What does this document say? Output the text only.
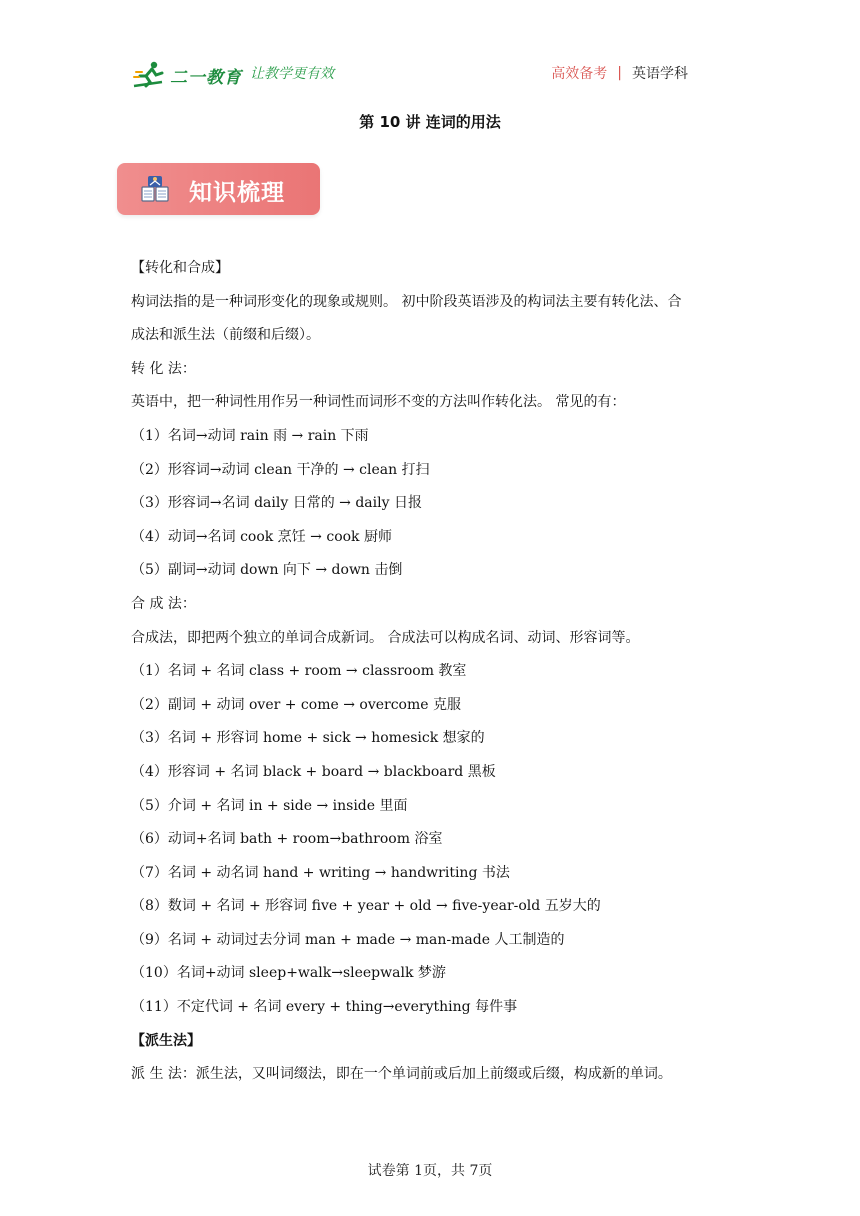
二一教育 让教学更有效	高效备考 | 英语学科
第 10 讲 连词的用法
知识梳理
【转化和合成】
构词法指的是一种词形变化的现象或规则。 初中阶段英语涉及的构词法主要有转化法、合
成法和派生法（前缀和后缀）。
转 化 法：
英语中，把一种词性用作另一种词性而词形不变的方法叫作转化法。 常见的有：
（1）名词→动词 rain 雨 → rain 下雨
（2）形容词→动词 clean 干净的 → clean 打扫
（3）形容词→名词 daily 日常的 → daily 日报
（4）动词→名词 cook 烹饪 → cook 厨师
（5）副词→动词 down 向下 → down 击倒
合 成 法：
合成法，即把两个独立的单词合成新词。 合成法可以构成名词、动词、形容词等。
（1）名词 + 名词 class + room → classroom 教室
（2）副词 + 动词 over + come → overcome 克服
（3）名词 + 形容词 home + sick → homesick 想家的
（4）形容词 + 名词 black + board → blackboard 黑板
（5）介词 + 名词 in + side → inside 里面
（6）动词+名词 bath + room→bathroom 浴室
（7）名词 + 动名词 hand + writing → handwriting 书法
（8）数词 + 名词 + 形容词 five + year + old → five-year-old 五岁大的
（9）名词 + 动词过去分词 man + made → man-made 人工制造的
（10）名词+动词 sleep+walk→sleepwalk 梦游
（11）不定代词 + 名词 every + thing→everything 每件事
【派生法】
派 生 法：派生法，又叫词缀法，即在一个单词前或后加上前缀或后缀，构成新的单词。
试卷第 1页，共 7页
